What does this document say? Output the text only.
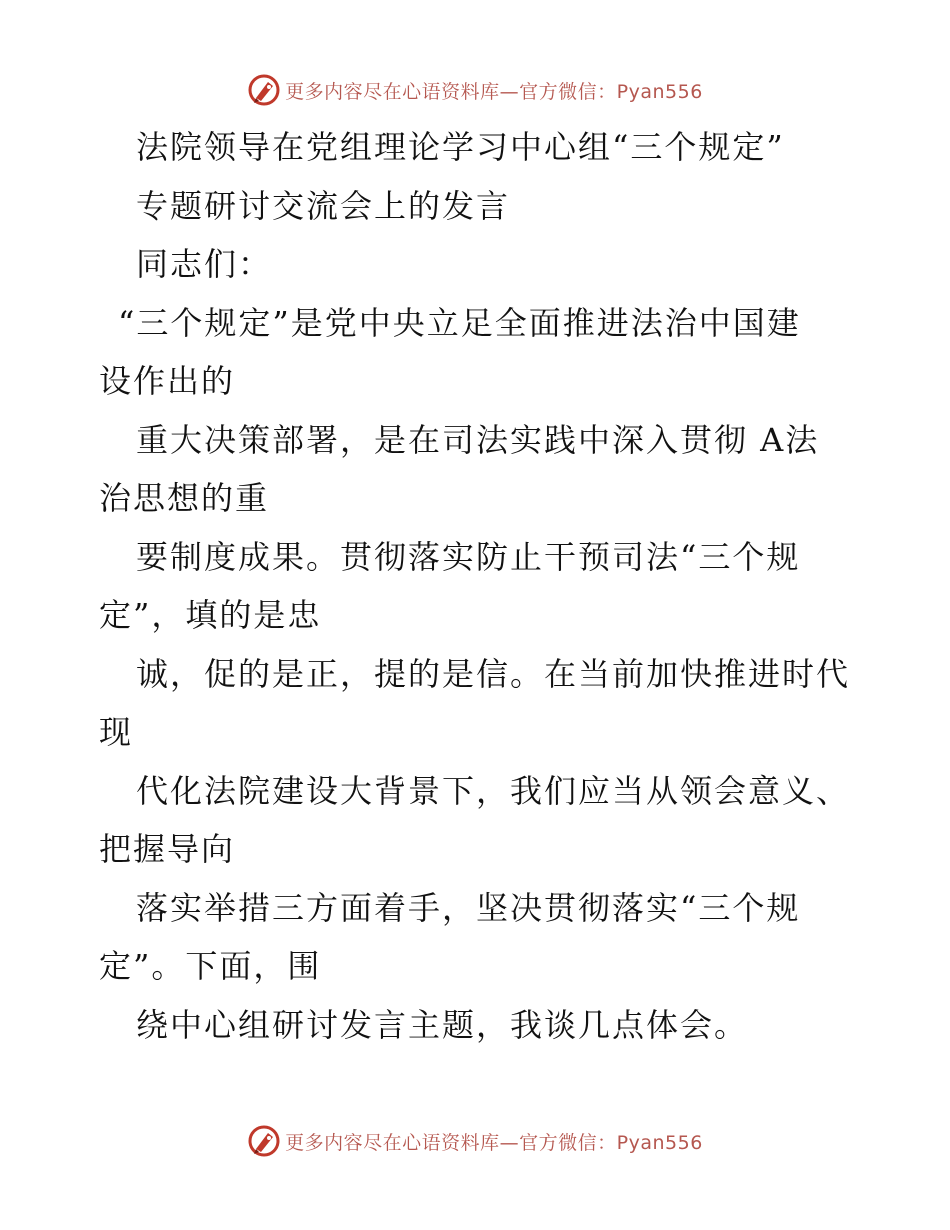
更多内容尽在心语资料库—官方微信：Pyan556

法院领导在党组理论学习中心组“三个规定”

专题研讨交流会上的发言

同志们：

“三个规定”是党中央立足全面推进法治中国建

设作出的

重大决策部署，是在司法实践中深入贯彻 A法

治思想的重

要制度成果。贯彻落实防止干预司法“三个规

定”，填的是忠

诚，促的是正，提的是信。在当前加快推进时代

现

代化法院建设大背景下，我们应当从领会意义、

把握导向

落实举措三方面着手，坚决贯彻落实“三个规

定”。下面，围

绕中心组研讨发言主题，我谈几点体会。

更多内容尽在心语资料库—官方微信：Pyan556
